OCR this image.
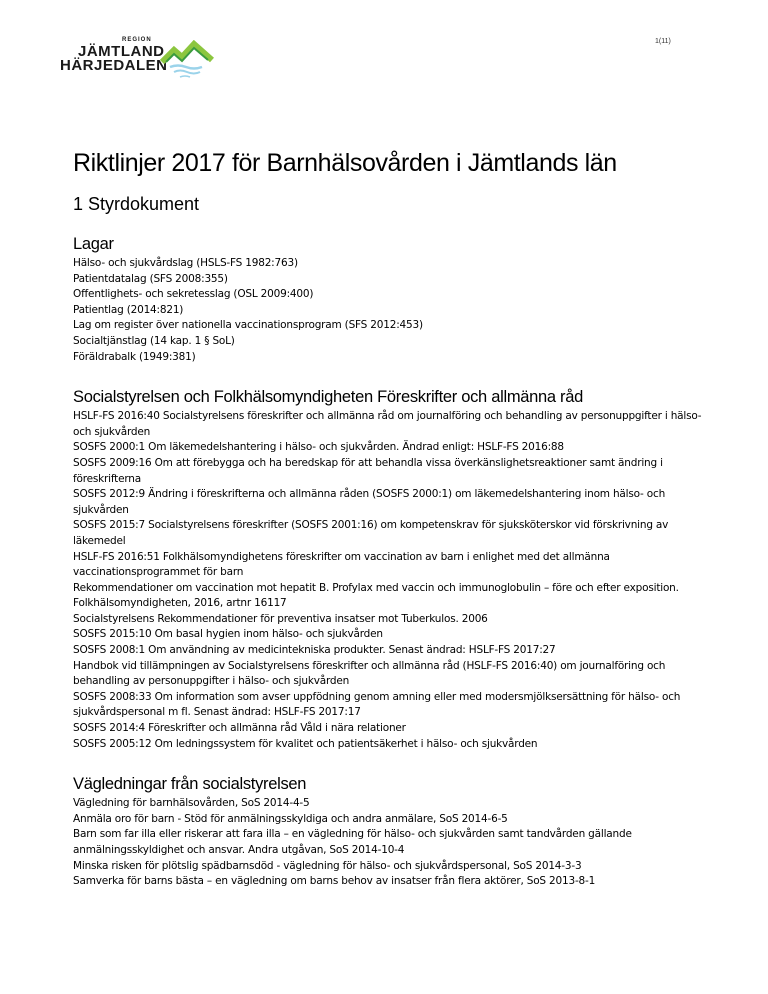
1(11)
REGION
JÄMTLAND
HÄRJEDALEN
Riktlinjer 2017 för Barnhälsovården i Jämtlands län
1 Styrdokument
Lagar
Hälso- och sjukvårdslag (HSLS-FS 1982:763)
Patientdatalag (SFS 2008:355)
Offentlighets- och sekretesslag (OSL 2009:400)
Patientlag (2014:821)
Lag om register över nationella vaccinationsprogram (SFS 2012:453)
Socialtjänstlag (14 kap. 1 § SoL)
Föräldrabalk (1949:381)
Socialstyrelsen och Folkhälsomyndigheten Föreskrifter och allmänna råd
HSLF-FS 2016:40 Socialstyrelsens föreskrifter och allmänna råd om journalföring och behandling av personuppgifter i hälso- och sjukvården
SOSFS 2000:1 Om läkemedelshantering i hälso- och sjukvården. Ändrad enligt: HSLF-FS 2016:88
SOSFS 2009:16 Om att förebygga och ha beredskap för att behandla vissa överkänslighetsreaktioner samt ändring i föreskrifterna
SOSFS 2012:9 Ändring i föreskrifterna och allmänna råden (SOSFS 2000:1) om läkemedelshantering inom hälso- och sjukvården
SOSFS 2015:7 Socialstyrelsens föreskrifter (SOSFS 2001:16) om kompetenskrav för sjuksköterskor vid förskrivning av läkemedel
HSLF-FS 2016:51 Folkhälsomyndighetens föreskrifter om vaccination av barn i enlighet med det allmänna vaccinationsprogrammet för barn
Rekommendationer om vaccination mot hepatit B. Profylax med vaccin och immunoglobulin – före och efter exposition. Folkhälsomyndigheten, 2016, artnr 16117
Socialstyrelsens Rekommendationer för preventiva insatser mot Tuberkulos. 2006
SOSFS 2015:10 Om basal hygien inom hälso- och sjukvården
SOSFS 2008:1 Om användning av medicintekniska produkter. Senast ändrad: HSLF-FS 2017:27
Handbok vid tillämpningen av Socialstyrelsens föreskrifter och allmänna råd (HSLF-FS 2016:40) om journalföring och behandling av personuppgifter i hälso- och sjukvården
SOSFS 2008:33 Om information som avser uppfödning genom amning eller med modersmjölksersättning för hälso- och sjukvårdspersonal m fl. Senast ändrad: HSLF-FS 2017:17
SOSFS 2014:4 Föreskrifter och allmänna råd Våld i nära relationer
SOSFS 2005:12 Om ledningssystem för kvalitet och patientsäkerhet i hälso- och sjukvården
Vägledningar från socialstyrelsen
Vägledning för barnhälsovården, SoS 2014-4-5
Anmäla oro för barn - Stöd för anmälningsskyldiga och andra anmälare, SoS 2014-6-5
Barn som far illa eller riskerar att fara illa – en vägledning för hälso- och sjukvården samt tandvården gällande anmälningsskyldighet och ansvar. Andra utgåvan, SoS 2014-10-4
Minska risken för plötslig spädbarnsdöd - vägledning för hälso- och sjukvårdspersonal, SoS 2014-3-3
Samverka för barns bästa – en vägledning om barns behov av insatser från flera aktörer, SoS 2013-8-1
